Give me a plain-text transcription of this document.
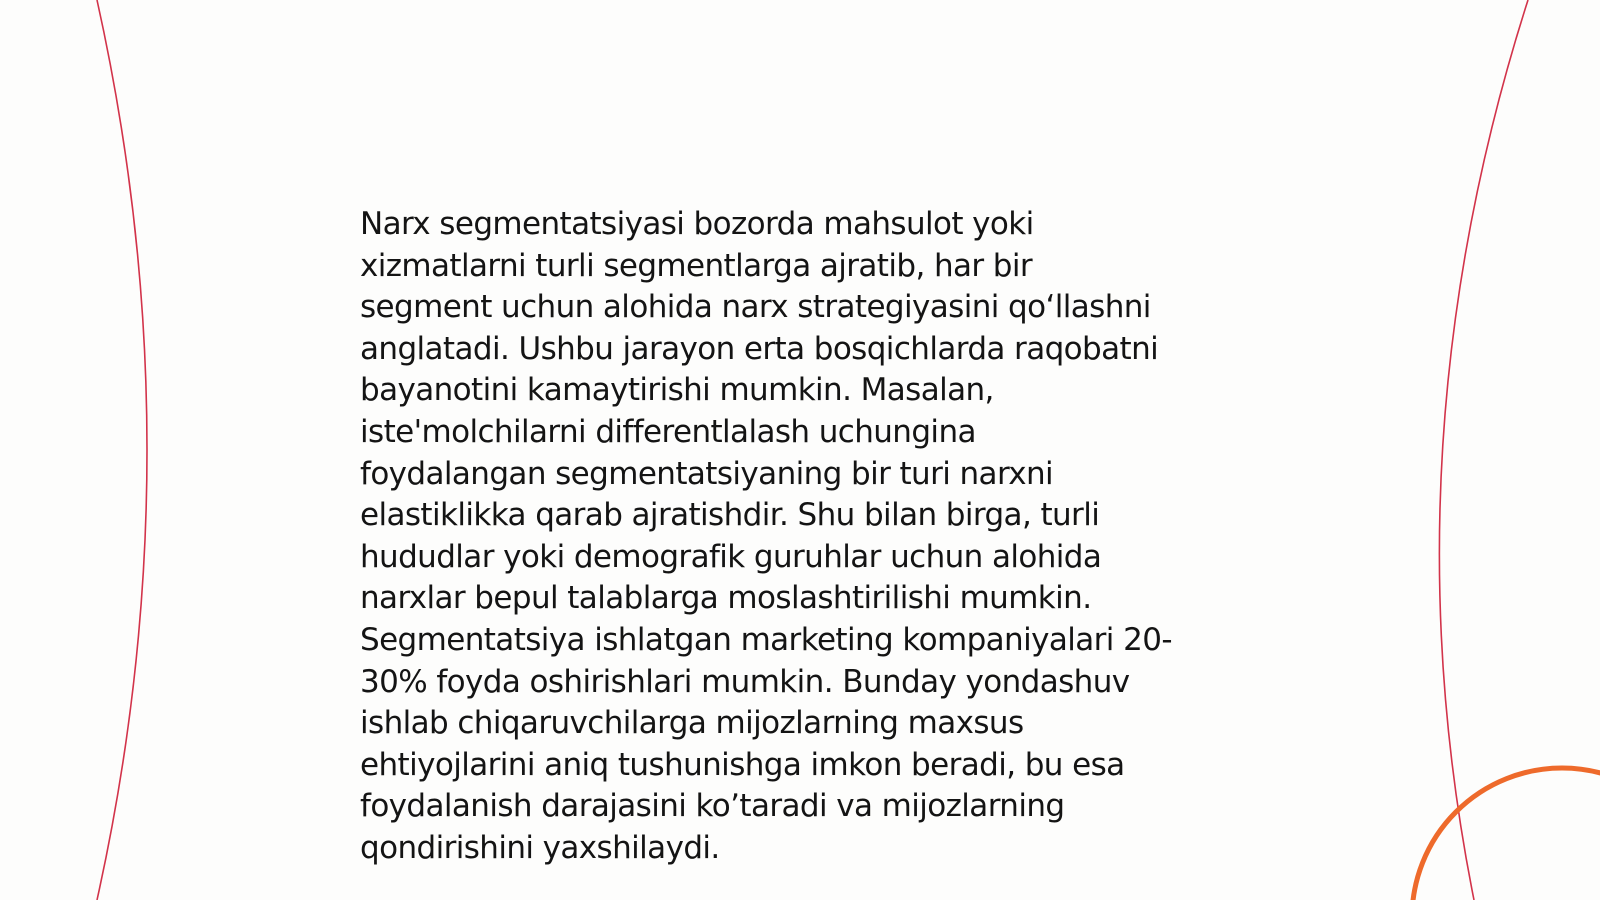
Narx segmentatsiyasi bozorda mahsulot yoki
xizmatlarni turli segmentlarga ajratib, har bir
segment uchun alohida narx strategiyasini qo‘llashni
anglatadi. Ushbu jarayon erta bosqichlarda raqobatni
bayanotini kamaytirishi mumkin. Masalan,
iste'molchilarni differentlalash uchungina
foydalangan segmentatsiyaning bir turi narxni
elastiklikka qarab ajratishdir. Shu bilan birga, turli
hududlar yoki demografik guruhlar uchun alohida
narxlar bepul talablarga moslashtirilishi mumkin.
Segmentatsiya ishlatgan marketing kompaniyalari 20-
30% foyda oshirishlari mumkin. Bunday yondashuv
ishlab chiqaruvchilarga mijozlarning maxsus
ehtiyojlarini aniq tushunishga imkon beradi, bu esa
foydalanish darajasini ko’taradi va mijozlarning
qondirishini yaxshilaydi.
